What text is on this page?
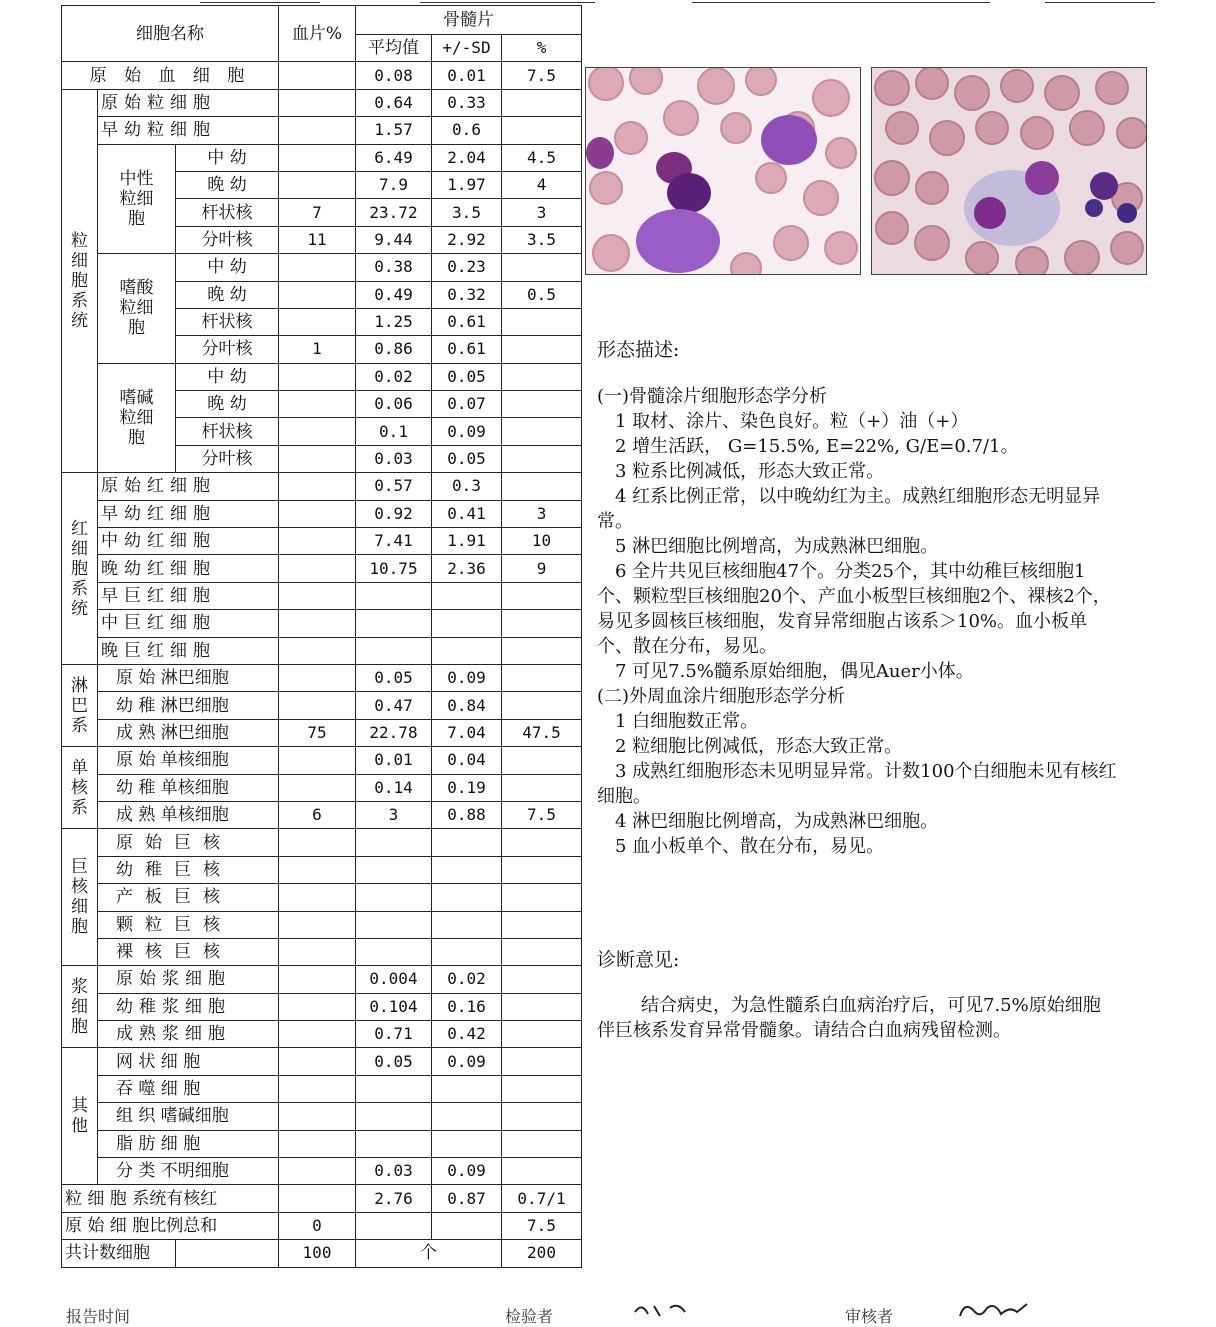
细胞名称			血片%	骨髓片		
				平均值	+/-SD	%
原 始 血 细 胞				0.08	0.01	7.5
粒细胞系统	原始粒细胞			0.64	0.33	
	早幼粒细胞			1.57	0.6	
	中性粒细胞	中 幼		6.49	2.04	4.5
		晚 幼		7.9	1.97	4
		杆状核	7	23.72	3.5	3
		分叶核	11	9.44	2.92	3.5
	嗜酸粒细胞	中 幼		0.38	0.23	
		晚 幼		0.49	0.32	0.5
		杆状核		1.25	0.61	
		分叶核	1	0.86	0.61	
	嗜碱粒细胞	中 幼		0.02	0.05	
		晚 幼		0.06	0.07	
		杆状核		0.1	0.09	
		分叶核		0.03	0.05	
红细胞系统	原始红细胞			0.57	0.3	
	早幼红细胞			0.92	0.41	3
	中幼红细胞			7.41	1.91	10
	晚幼红细胞			10.75	2.36	9
	早巨红细胞					
	中巨红细胞					
	晚巨红细胞					
淋巴系	原 始 淋巴细胞			0.05	0.09	
	幼 稚 淋巴细胞			0.47	0.84	
	成 熟 淋巴细胞		75	22.78	7.04	47.5
单核系	原 始 单核细胞			0.01	0.04	
	幼 稚 单核细胞			0.14	0.19	
	成 熟 单核细胞		6	3	0.88	7.5
巨核细胞	原始巨核					
	幼稚巨核					
	产板巨核					
	颗粒巨核					
	裸核巨核					
浆细胞	原始浆细胞			0.004	0.02	
	幼稚浆细胞			0.104	0.16	
	成熟浆细胞			0.71	0.42	
其他	网 状 细 胞			0.05	0.09	
	吞 噬 细 胞					
	组 织 嗜碱细胞					
	脂 肪 细 胞					
	分 类 不明细胞			0.03	0.09	
粒 细 胞 系统有核红				2.76	0.87	0.7/1
原 始 细 胞比例总和			0			7.5
共计数细胞			100	个		200

形态描述:

(一)骨髓涂片细胞形态学分析

1 取材、涂片、染色良好。粒（+）油（+）

2 增生活跃， G=15.5%, E=22%, G/E=0.7/1。

3 粒系比例减低，形态大致正常。

4 红系比例正常，以中晚幼红为主。成熟红细胞形态无明显异常。

5 淋巴细胞比例增高，为成熟淋巴细胞。

6 全片共见巨核细胞47个。分类25个，其中幼稚巨核细胞1个、颗粒型巨核细胞20个、产血小板型巨核细胞2个、裸核2个，易见多圆核巨核细胞，发育异常细胞占该系＞10%。血小板单个、散在分布，易见。

7 可见7.5%髓系原始细胞，偶见Auer小体。

(二)外周血涂片细胞形态学分析

1 白细胞数正常。

2 粒细胞比例减低，形态大致正常。

3 成熟红细胞形态未见明显异常。计数100个白细胞未见有核红细胞。

4 淋巴细胞比例增高，为成熟淋巴细胞。

5 血小板单个、散在分布，易见。

诊断意见:

结合病史，为急性髓系白血病治疗后，可见7.5%原始细胞伴巨核系发育异常骨髓象。请结合白血病残留检测。

报告时间	检验者	审核者
